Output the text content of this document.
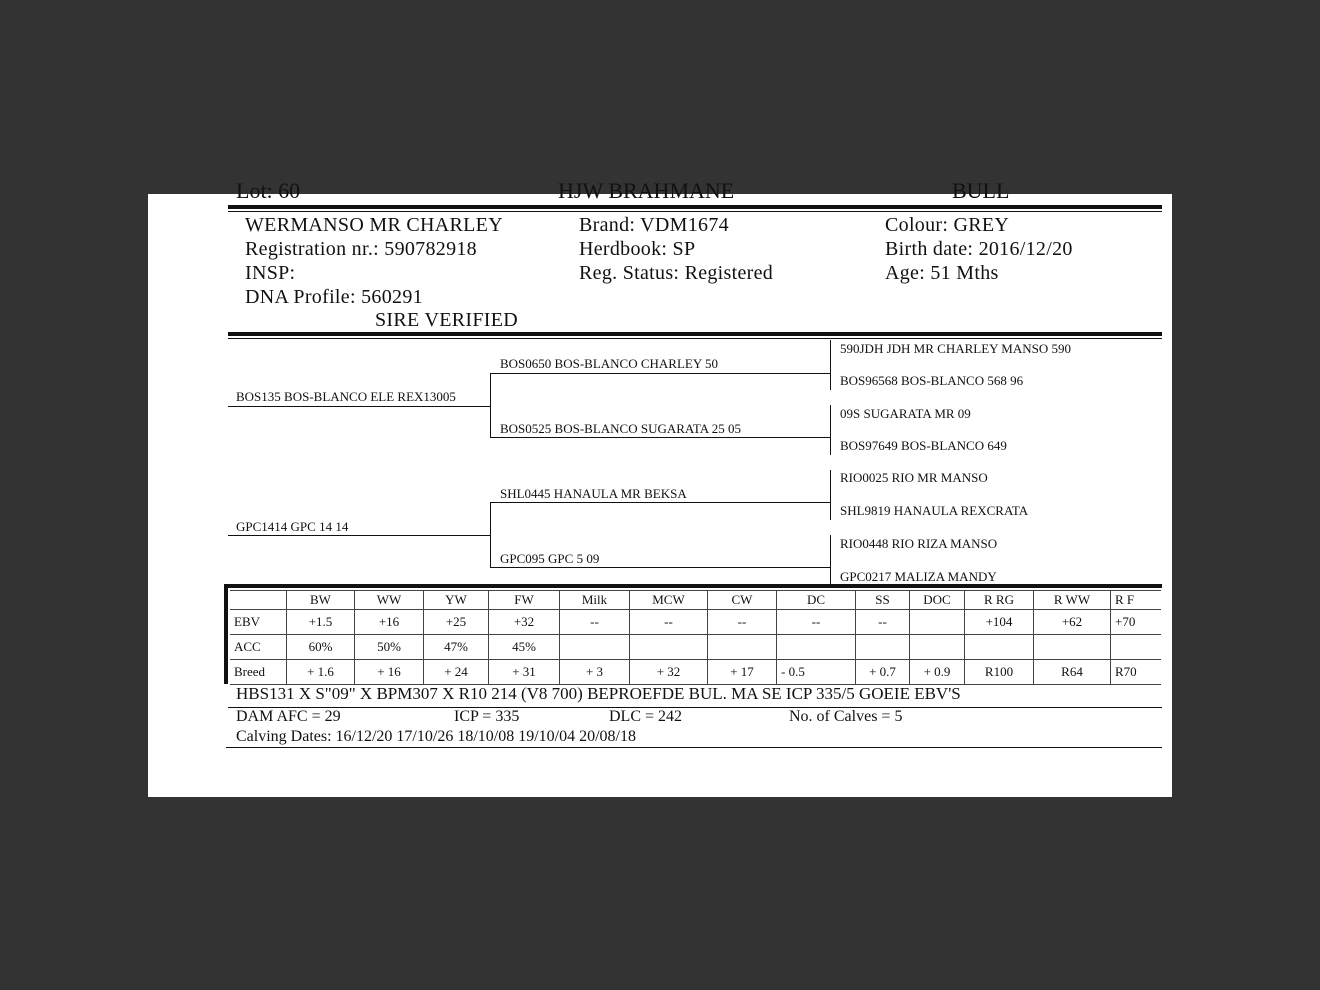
Lot: 60	HJW BRAHMANE	BULL
WERMANSO MR CHARLEY
Registration nr.: 590782918
INSP:
DNA Profile: 560291
SIRE VERIFIED
Brand: VDM1674
Herdbook: SP
Reg. Status: Registered
Colour: GREY
Birth date: 2016/12/20
Age: 51 Mths
BOS135 BOS-BLANCO ELE REX13005
GPC1414 GPC 14 14
BOS0650 BOS-BLANCO CHARLEY 50
BOS0525 BOS-BLANCO SUGARATA 25 05
SHL0445 HANAULA MR BEKSA
GPC095 GPC 5 09
590JDH JDH MR CHARLEY MANSO 590
BOS96568 BOS-BLANCO 568 96
09S SUGARATA MR 09
BOS97649 BOS-BLANCO 649
RIO0025 RIO MR MANSO
SHL9819 HANAULA REXCRATA
RIO0448 RIO RIZA MANSO
GPC0217 MALIZA MANDY
	BW	WW	YW	FW	Milk	MCW	CW	DC	SS	DOC	R RG	R WW	R F
EBV	+1.5	+16	+25	+32	--	--	--	--	--		+104	+62	+70
ACC	60%	50%	47%	45%									
Breed	+ 1.6	+ 16	+ 24	+ 31	+ 3	+ 32	+ 17	- 0.5	+ 0.7	+ 0.9	R100	R64	R70
HBS131 X S"09" X BPM307 X R10 214 (V8 700) BEPROEFDE BUL. MA SE ICP 335/5 GOEIE EBV'S
DAM AFC = 29	ICP = 335	DLC = 242	No. of Calves = 5
Calving Dates: 16/12/20 17/10/26 18/10/08 19/10/04 20/08/18
